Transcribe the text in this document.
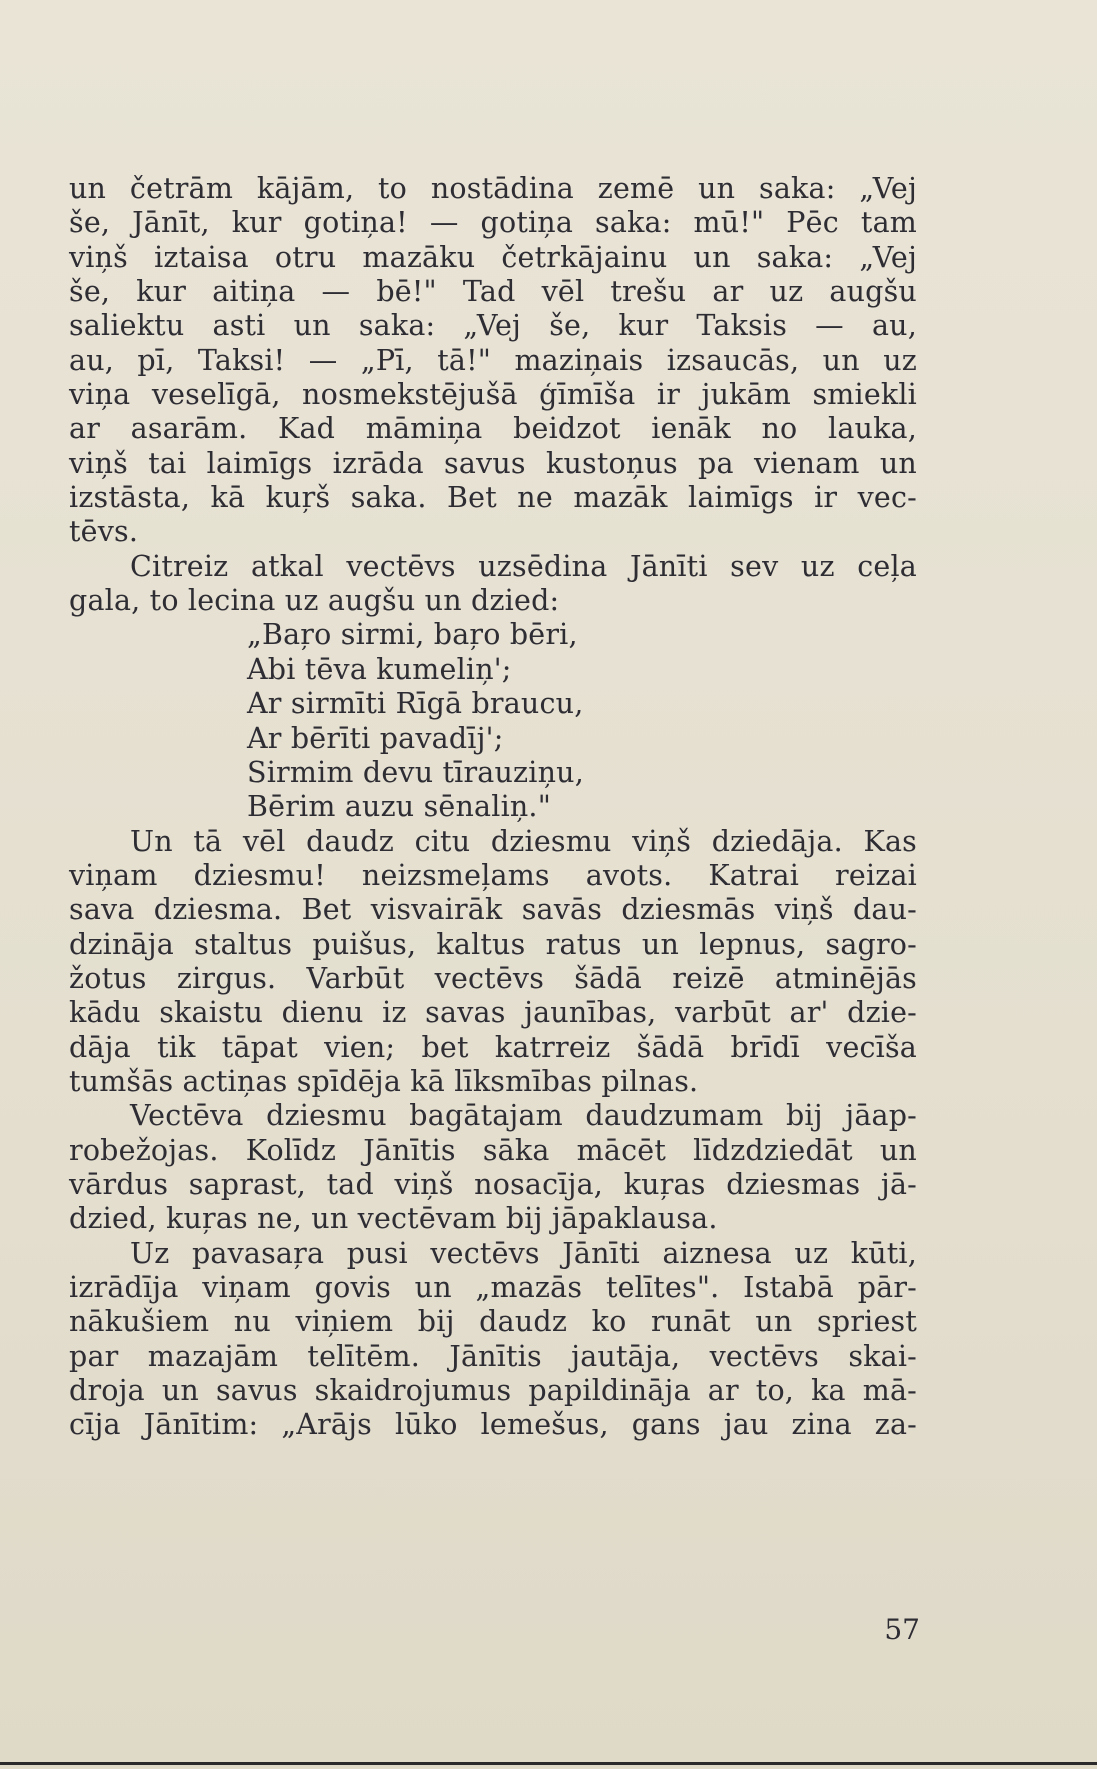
un četrām kājām, to nostādina zemē un saka: „Vej
še, Jānīt, kur gotiņa! — gotiņa saka: mū!" Pēc tam
viņš iztaisa otru mazāku četrkājainu un saka: „Vej
še, kur aitiņa — bē!" Tad vēl trešu ar uz augšu
saliektu asti un saka: „Vej še, kur Taksis — au,
au, pī, Taksi! — „Pī, tā!" maziņais izsaucās, un uz
viņa veselīgā, nosmekstējušā ģīmīša ir jukām smiekli
ar asarām. Kad māmiņa beidzot ienāk no lauka,
viņš tai laimīgs izrāda savus kustoņus pa vienam un
izstāsta, kā kuŗš saka. Bet ne mazāk laimīgs ir vec-
tēvs.
Citreiz atkal vectēvs uzsēdina Jānīti sev uz ceļa
gala, to lecina uz augšu un dzied:
„Baŗo sirmi, baŗo bēri,
Abi tēva kumeliņ';
Ar sirmīti Rīgā braucu,
Ar bērīti pavadīj';
Sirmim devu tīrauziņu,
Bērim auzu sēnaliņ."
Un tā vēl daudz citu dziesmu viņš dziedāja. Kas
viņam dziesmu! neizsmeļams avots. Katrai reizai
sava dziesma. Bet visvairāk savās dziesmās viņš dau-
dzināja staltus puišus, kaltus ratus un lepnus, sagro-
žotus zirgus. Varbūt vectēvs šādā reizē atminējās
kādu skaistu dienu iz savas jaunības, varbūt ar' dzie-
dāja tik tāpat vien; bet katrreiz šādā brīdī vecīša
tumšās actiņas spīdēja kā līksmības pilnas.
Vectēva dziesmu bagātajam daudzumam bij jāap-
robežojas. Kolīdz Jānītis sāka mācēt līdzdziedāt un
vārdus saprast, tad viņš nosacīja, kuŗas dziesmas jā-
dzied, kuŗas ne, un vectēvam bij jāpaklausa.
Uz pavasaŗa pusi vectēvs Jānīti aiznesa uz kūti,
izrādīja viņam govis un „mazās telītes". Istabā pār-
nākušiem nu viņiem bij daudz ko runāt un spriest
par mazajām telītēm. Jānītis jautāja, vectēvs skai-
droja un savus skaidrojumus papildināja ar to, ka mā-
cīja Jānītim: „Arājs lūko lemešus, gans jau zina za-
57
